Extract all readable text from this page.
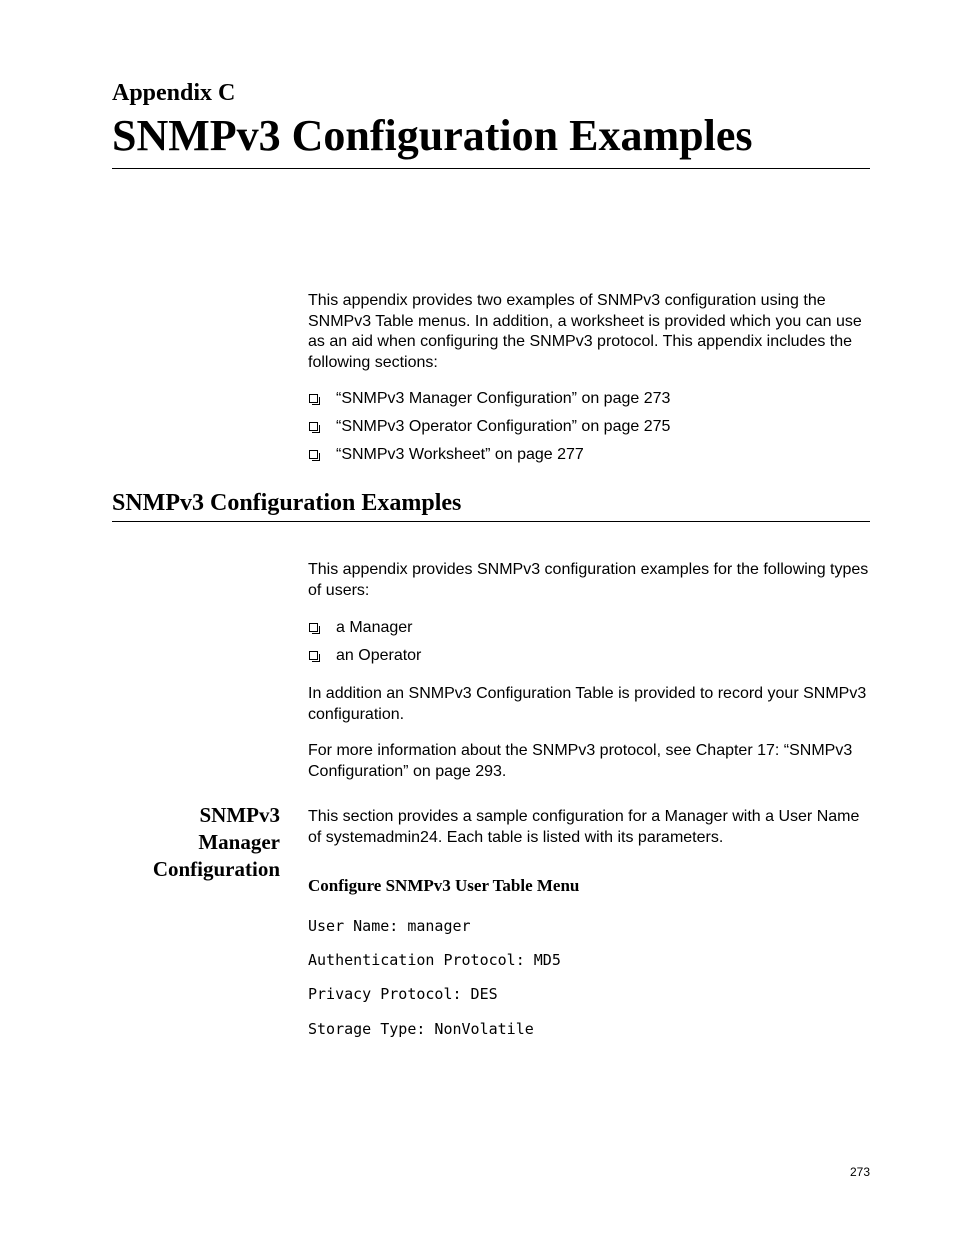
Appendix C
SNMPv3 Configuration Examples

This appendix provides two examples of SNMPv3 configuration using the SNMPv3 Table menus. In addition, a worksheet is provided which you can use as an aid when configuring the SNMPv3 protocol. This appendix includes the following sections:

“SNMPv3 Manager Configuration” on page 273
“SNMPv3 Operator Configuration” on page 275
“SNMPv3 Worksheet” on page 277
SNMPv3 Configuration Examples

This appendix provides SNMPv3 configuration examples for the following types of users:

a Manager
an Operator

In addition an SNMPv3 Configuration Table is provided to record your SNMPv3 configuration.

For more information about the SNMPv3 protocol, see Chapter 17: “SNMPv3 Configuration” on page 293.

SNMPv3
Manager
Configuration

This section provides a sample configuration for a Manager with a User Name of systemadmin24. Each table is listed with its parameters.

Configure SNMPv3 User Table Menu
User Name: manager
Authentication Protocol: MD5
Privacy Protocol: DES
Storage Type: NonVolatile
273
